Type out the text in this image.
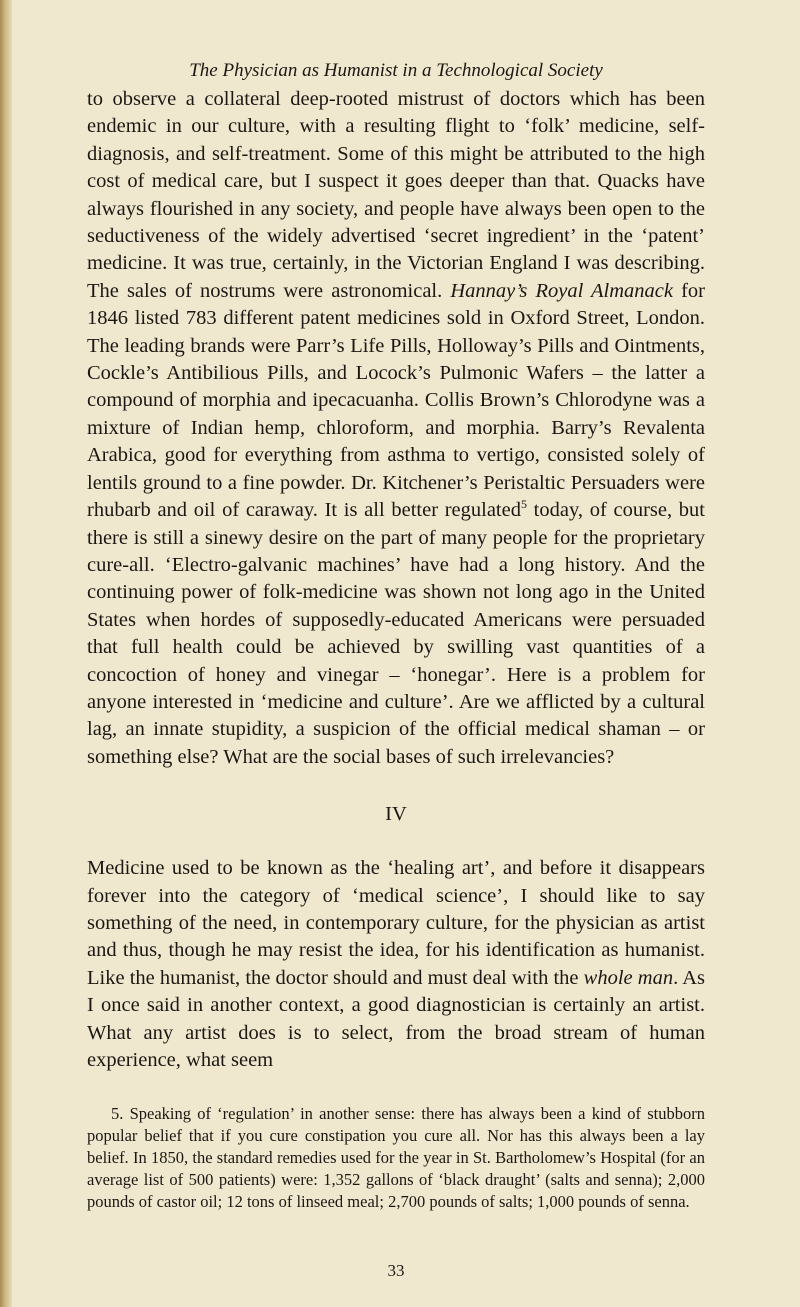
The Physician as Humanist in a Technological Society

to observe a collateral deep-rooted mistrust of doctors which has been endemic in our culture, with a resulting flight to ‘folk’ medicine, self-diagnosis, and self-treatment. Some of this might be attributed to the high cost of medical care, but I suspect it goes deeper than that. Quacks have always flourished in any society, and people have always been open to the seductiveness of the widely advertised ‘secret ingredient’ in the ‘patent’ medicine. It was true, certainly, in the Victorian England I was describing. The sales of nostrums were astronomical. Hannay’s Royal Almanack for 1846 listed 783 different patent medicines sold in Oxford Street, London. The leading brands were Parr’s Life Pills, Holloway’s Pills and Ointments, Cockle’s Antibilious Pills, and Locock’s Pulmonic Wafers – the latter a compound of morphia and ipecacuanha. Collis Brown’s Chlorodyne was a mixture of Indian hemp, chloroform, and morphia. Barry’s Revalenta Arabica, good for everything from asthma to vertigo, consisted solely of lentils ground to a fine powder. Dr. Kitchener’s Peristaltic Persuaders were rhubarb and oil of caraway. It is all better regulated$^5$ today, of course, but there is still a sinewy desire on the part of many people for the proprietary cure-all. ‘Electro-galvanic machines’ have had a long history. And the continuing power of folk-medicine was shown not long ago in the United States when hordes of supposedly-educated Americans were persuaded that full health could be achieved by swilling vast quantities of a concoction of honey and vinegar – ‘honegar’. Here is a problem for anyone interested in ‘medicine and culture’. Are we afflicted by a cultural lag, an innate stupidity, a suspicion of the official medical shaman – or something else? What are the social bases of such irrelevancies?

IV

Medicine used to be known as the ‘healing art’, and before it disappears forever into the category of ‘medical science’, I should like to say something of the need, in contemporary culture, for the physician as artist and thus, though he may resist the idea, for his identification as humanist. Like the humanist, the doctor should and must deal with the whole man. As I once said in another context, a good diagnostician is certainly an artist. What any artist does is to select, from the broad stream of human experience, what seem

5. Speaking of ‘regulation’ in another sense: there has always been a kind of stubborn popular belief that if you cure constipation you cure all. Nor has this always been a lay belief. In 1850, the standard remedies used for the year in St. Bartholomew’s Hospital (for an average list of 500 patients) were: 1,352 gallons of ‘black draught’ (salts and senna); 2,000 pounds of castor oil; 12 tons of linseed meal; 2,700 pounds of salts; 1,000 pounds of senna.

33
